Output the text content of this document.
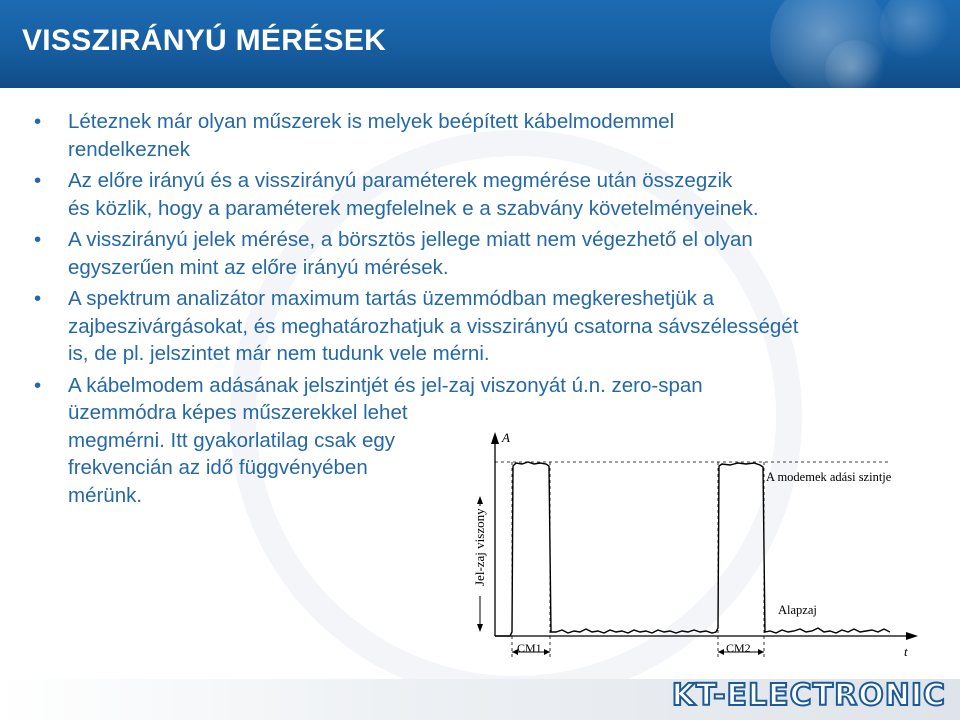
VISSZIRÁNYÚ MÉRÉSEK
• Léteznek már olyan műszerek is melyek beépített kábelmodemmel
rendelkeznek
• Az előre irányú és a visszirányú paraméterek megmérése után összegzik
és közlik, hogy a paraméterek megfelelnek e a szabvány követelményeinek.
• A visszirányú jelek mérése, a börsztös jellege miatt nem végezhető el olyan
egyszerűen mint az előre irányú mérések.
• A spektrum analizátor maximum tartás üzemmódban megkereshetjük a
zajbeszivárgásokat, és meghatározhatjuk a visszirányú csatorna sávszélességét
is, de pl. jelszintet már nem tudunk vele mérni.
• A kábelmodem adásának jelszintjét és jel-zaj viszonyát ú.n. zero-span
üzemmódra képes műszerekkel lehet
megmérni. Itt gyakorlatilag csak egy
frekvencián az idő függvényében
mérünk.
A
t
Jel-zaj viszony
A modemek adási szintje
Alapzaj
CM1	CM2
KT-ELECTRONIC
